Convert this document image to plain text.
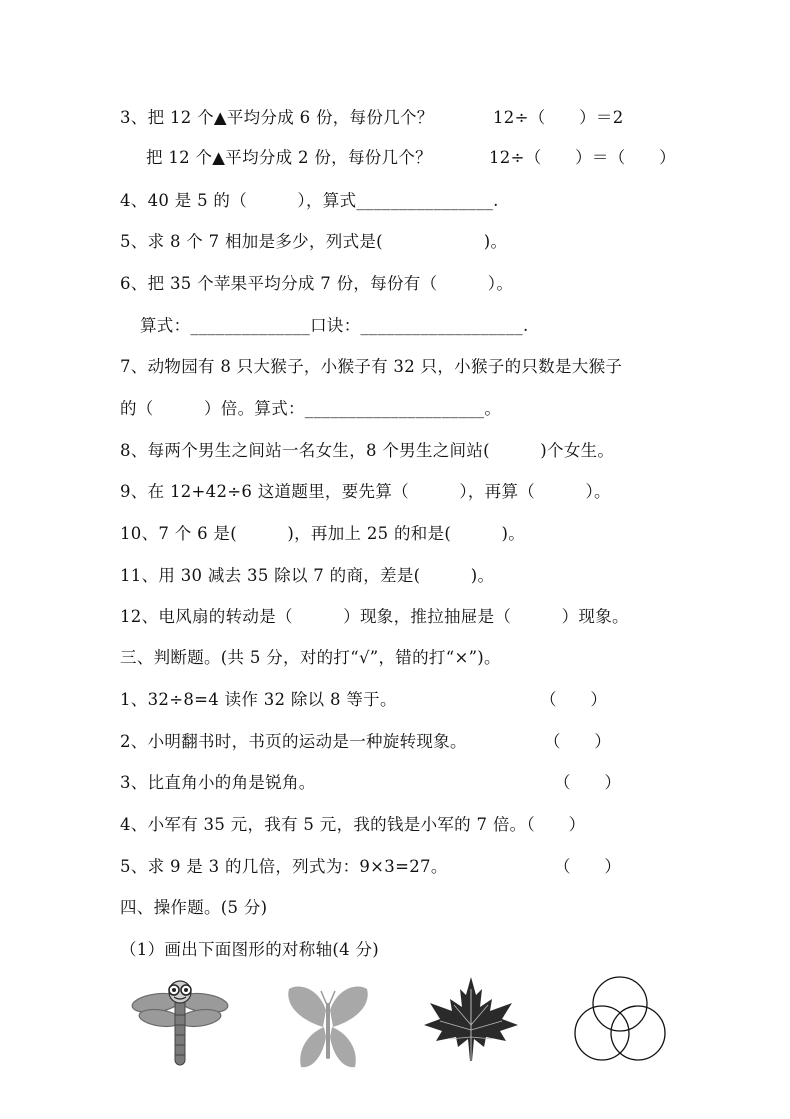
3、把 12 个▲平均分成 6 份，每份几个？	12÷（　　）＝2
把 12 个▲平均分成 2 份，每份几个？	12÷（　　）＝（　　）
4、40 是 5 的（　　　），算式________________.
5、求 8 个 7 相加是多少，列式是(　　　　　　)。
6、把 35 个苹果平均分成 7 份，每份有（　　　）。
算式：______________口诀：___________________.
7、动物园有 8 只大猴子，小猴子有 32 只，小猴子的只数是大猴子
的（　　　）倍。算式：_____________________。
8、每两个男生之间站一名女生，8 个男生之间站(　　　)个女生。
9、在 12+42÷6 这道题里，要先算（　　　），再算（　　　）。
10、7 个 6 是(　　　)，再加上 25 的和是(　　　)。
11、用 30 减去 35 除以 7 的商，差是(　　　)。
12、电风扇的转动是（　　　）现象，推拉抽屉是（　　　）现象。
三、判断题。(共 5 分，对的打“√”，错的打“×”)。
1、32÷8=4 读作 32 除以 8 等于。	（　　）
2、小明翻书时，书页的运动是一种旋转现象。	（　　）
3、比直角小的角是锐角。	（　　）
4、小军有 35 元，我有 5 元，我的钱是小军的 7 倍。（　　）
5、求 9 是 3 的几倍，列式为：9×3=27。	（　　）
四、操作题。(5 分)
（1）画出下面图形的对称轴(4 分)
